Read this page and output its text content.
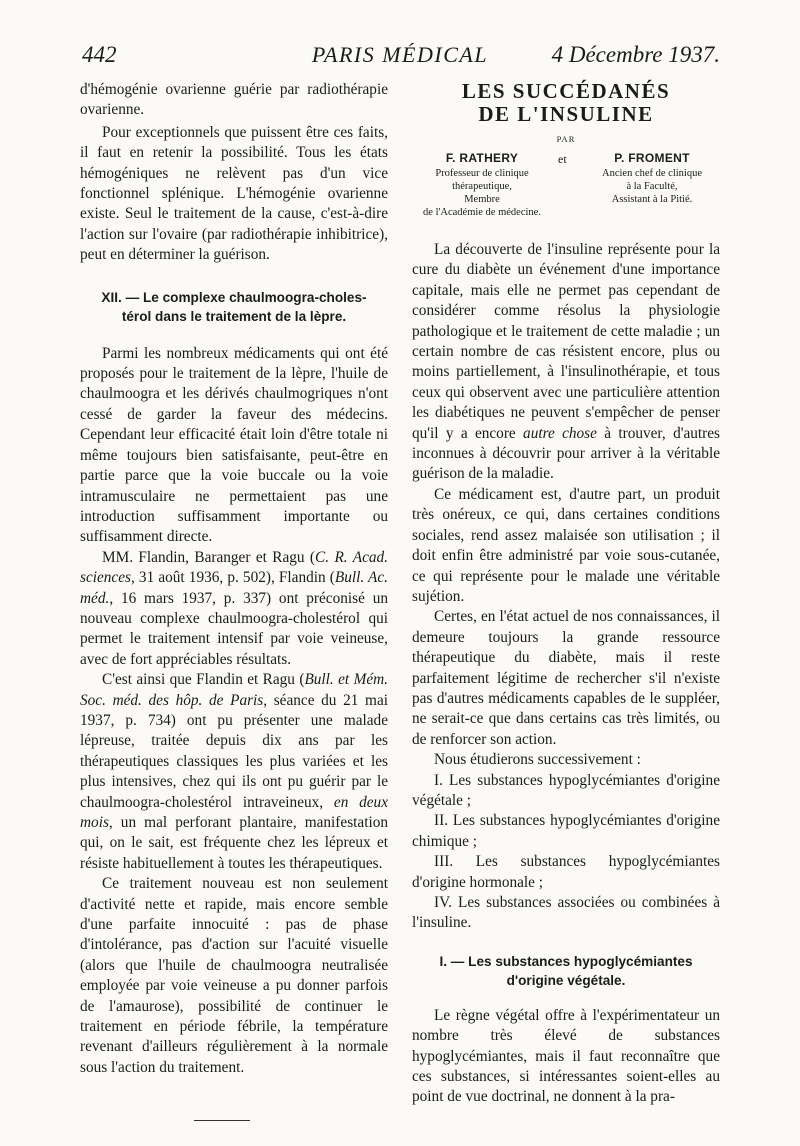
442	PARIS MÉDICAL	4 Décembre 1937.

d'hémogénie ovarienne guérie par radiothérapie ovarienne.

Pour exceptionnels que puissent être ces faits, il faut en retenir la possibilité. Tous les états hémogéniques ne relèvent pas d'un vice fonctionnel splénique. L'hémogénie ovarienne existe. Seul le traitement de la cause, c'est-à-dire l'action sur l'ovaire (par radiothérapie inhibitrice), peut en déterminer la guérison.

XII. — Le complexe chaulmoogra-choles-

térol dans le traitement de la lèpre.

Parmi les nombreux médicaments qui ont été proposés pour le traitement de la lèpre, l'huile de chaulmoogra et les dérivés chaulmogriques n'ont cessé de garder la faveur des médecins. Cependant leur efficacité était loin d'être totale ni même toujours bien satisfaisante, peut-être en partie parce que la voie buccale ou la voie intramusculaire ne permettaient pas une introduction suffisamment importante ou suffisamment directe.

MM. Flandin, Baranger et Ragu (C. R. Acad. sciences, 31 août 1936, p. 502), Flandin (Bull. Ac. méd., 16 mars 1937, p. 337) ont préconisé un nouveau complexe chaulmoogra-cholestérol qui permet le traitement intensif par voie veineuse, avec de fort appréciables résultats.

C'est ainsi que Flandin et Ragu (Bull. et Mém. Soc. méd. des hôp. de Paris, séance du 21 mai 1937, p. 734) ont pu présenter une malade lépreuse, traitée depuis dix ans par les thérapeutiques classiques les plus variées et les plus intensives, chez qui ils ont pu guérir par le chaulmoogra-cholestérol intraveineux, en deux mois, un mal perforant plantaire, manifestation qui, on le sait, est fréquente chez les lépreux et résiste habituellement à toutes les thérapeutiques.

Ce traitement nouveau est non seulement d'activité nette et rapide, mais encore semble d'une parfaite innocuité : pas de phase d'intolérance, pas d'action sur l'acuité visuelle (alors que l'huile de chaulmoogra neutralisée employée par voie veineuse a pu donner parfois de l'amaurose), possibilité de continuer le traitement en période fébrile, la température revenant d'ailleurs régulièrement à la normale sous l'action du traitement.

LES SUCCÉDANÉS

DE L'INSULINE

PAR

F. RATHERY
Professeur de clinique
thérapeutique,
Membre
de l'Académie de médecine.
et	P. FROMENT
Ancien chef de clinique
à la Faculté,
Assistant à la Pitié.

La découverte de l'insuline représente pour la cure du diabète un événement d'une importance capitale, mais elle ne permet pas cependant de considérer comme résolus la physiologie pathologique et le traitement de cette maladie ; un certain nombre de cas résistent encore, plus ou moins partiellement, à l'insulinothérapie, et tous ceux qui observent avec une particulière attention les diabétiques ne peuvent s'empêcher de penser qu'il y a encore autre chose à trouver, d'autres inconnues à découvrir pour arriver à la véritable guérison de la maladie.

Ce médicament est, d'autre part, un produit très onéreux, ce qui, dans certaines conditions sociales, rend assez malaisée son utilisation ; il doit enfin être administré par voie sous-cutanée, ce qui représente pour le malade une véritable sujétion.

Certes, en l'état actuel de nos connaissances, il demeure toujours la grande ressource thérapeutique du diabète, mais il reste parfaitement légitime de rechercher s'il n'existe pas d'autres médicaments capables de le suppléer, ne serait-ce que dans certains cas très limités, ou de renforcer son action.

Nous étudierons successivement :

I. Les substances hypoglycémiantes d'origine végétale ;

II. Les substances hypoglycémiantes d'origine chimique ;

III. Les substances hypoglycémiantes d'origine hormonale ;

IV. Les substances associées ou combinées à l'insuline.

I. — Les substances hypoglycémiantes

d'origine végétale.

Le règne végétal offre à l'expérimentateur un nombre très élevé de substances hypoglycémiantes, mais il faut reconnaître que ces substances, si intéressantes soient-elles au point de vue doctrinal, ne donnent à la pra-
